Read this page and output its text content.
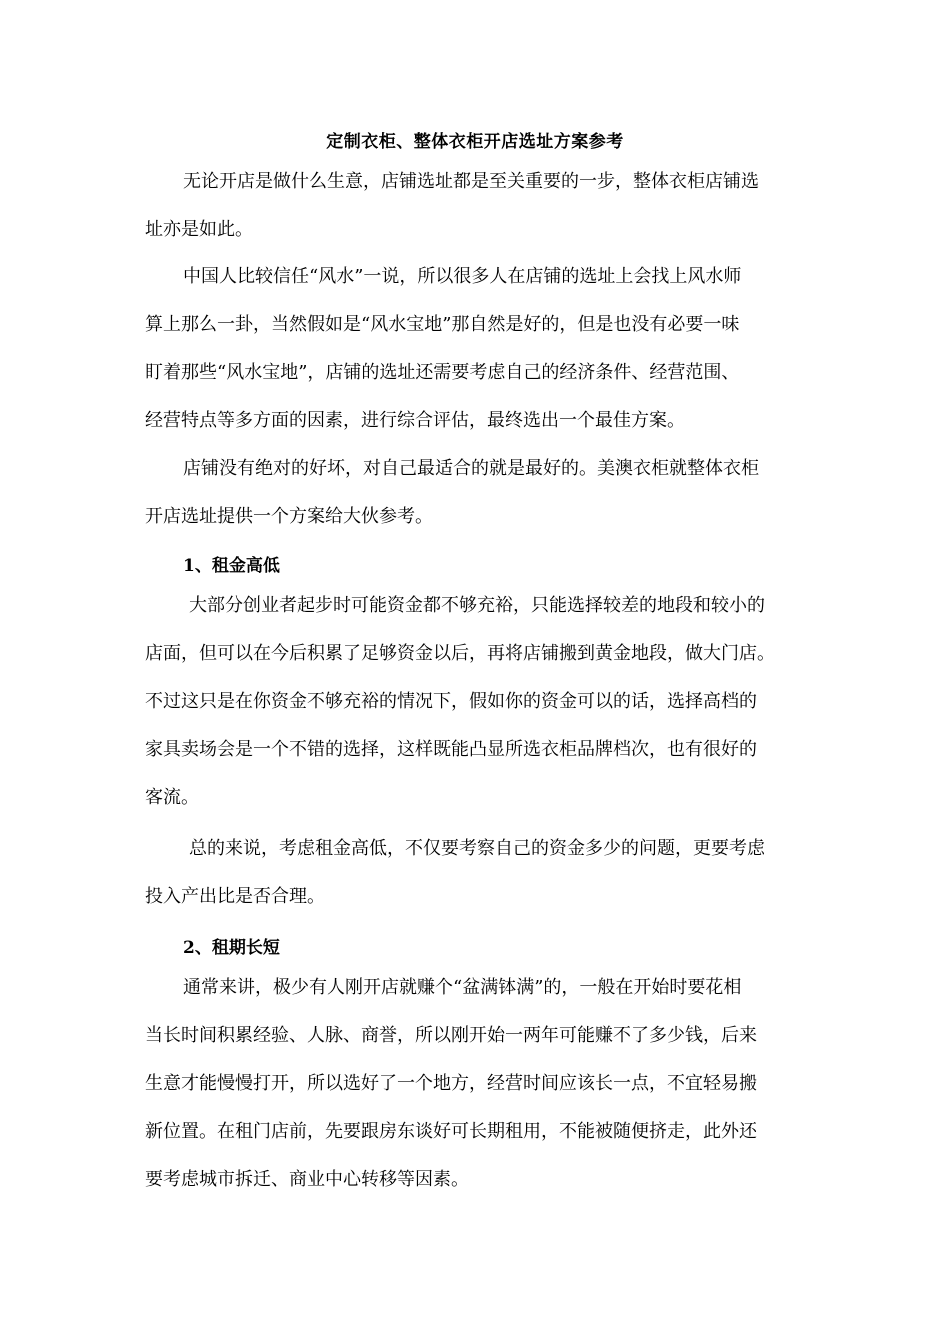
定制衣柜、整体衣柜开店选址方案参考
无论开店是做什么生意，店铺选址都是至关重要的一步，整体衣柜店铺选
址亦是如此。
中国人比较信任“风水”一说，所以很多人在店铺的选址上会找上风水师
算上那么一卦，当然假如是“风水宝地”那自然是好的，但是也没有必要一味
盯着那些“风水宝地”，店铺的选址还需要考虑自己的经济条件、经营范围、
经营特点等多方面的因素，进行综合评估，最终选出一个最佳方案。
店铺没有绝对的好坏，对自己最适合的就是最好的。美澳衣柜就整体衣柜
开店选址提供一个方案给大伙参考。
1、租金高低
大部分创业者起步时可能资金都不够充裕，只能选择较差的地段和较小的
店面，但可以在今后积累了足够资金以后，再将店铺搬到黄金地段，做大门店。
不过这只是在你资金不够充裕的情况下，假如你的资金可以的话，选择高档的
家具卖场会是一个不错的选择，这样既能凸显所选衣柜品牌档次，也有很好的
客流。
总的来说，考虑租金高低，不仅要考察自己的资金多少的问题，更要考虑
投入产出比是否合理。
2、租期长短
通常来讲，极少有人刚开店就赚个“盆满钵满”的，一般在开始时要花相
当长时间积累经验、人脉、商誉，所以刚开始一两年可能赚不了多少钱，后来
生意才能慢慢打开，所以选好了一个地方，经营时间应该长一点，不宜轻易搬
新位置。在租门店前，先要跟房东谈好可长期租用，不能被随便挤走，此外还
要考虑城市拆迁、商业中心转移等因素。
